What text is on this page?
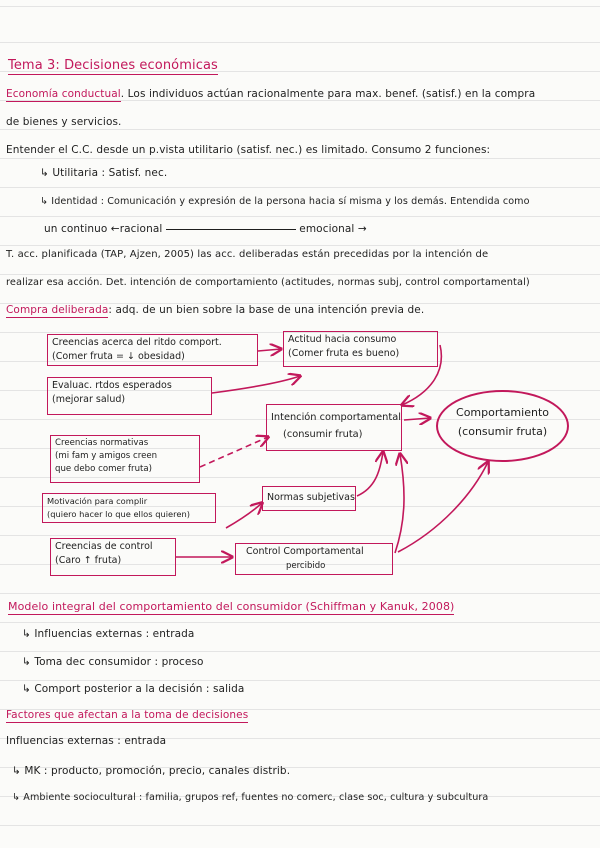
Tema 3: Decisiones económicas
Economía conductual. Los individuos actúan racionalmente para max. benef. (satisf.) en la compra
de bienes y servicios.
Entender el C.C. desde un p.vista utilitario (satisf. nec.) es limitado. Consumo 2 funciones:
↳ Utilitaria : Satisf. nec.
↳ Identidad : Comunicación y expresión de la persona hacia sí misma y los demás. Entendida como
un continuo ←racional	emocional →
T. acc. planificada (TAP, Ajzen, 2005) las acc. deliberadas están precedidas por la intención de
realizar esa acción. Det. intención de comportamiento (actitudes, normas subj, control comportamental)
Compra deliberada: adq. de un bien sobre la base de una intención previa de.
Creencias acerca del ritdo comport.
(Comer fruta = ↓ obesidad)
Evaluac. rtdos esperados
(mejorar salud)
Creencias normativas
(mi fam y amigos creen
que debo comer fruta)
Motivación para complir
(quiero hacer lo que ellos quieren)
Creencias de control
(Caro ↑ fruta)
Actitud hacia consumo
(Comer fruta es bueno)
Intención comportamental
(consumir fruta)
Normas subjetivas
Control Comportamental
percibido
Comportamiento
(consumir fruta)
Modelo integral del comportamiento del consumidor (Schiffman y Kanuk, 2008)
↳ Influencias externas : entrada
↳ Toma dec consumidor : proceso
↳ Comport posterior a la decisión : salida
Factores que afectan a la toma de decisiones
Influencias externas : entrada
↳ MK : producto, promoción, precio, canales distrib.
↳ Ambiente sociocultural : familia, grupos ref, fuentes no comerc, clase soc, cultura y subcultura
